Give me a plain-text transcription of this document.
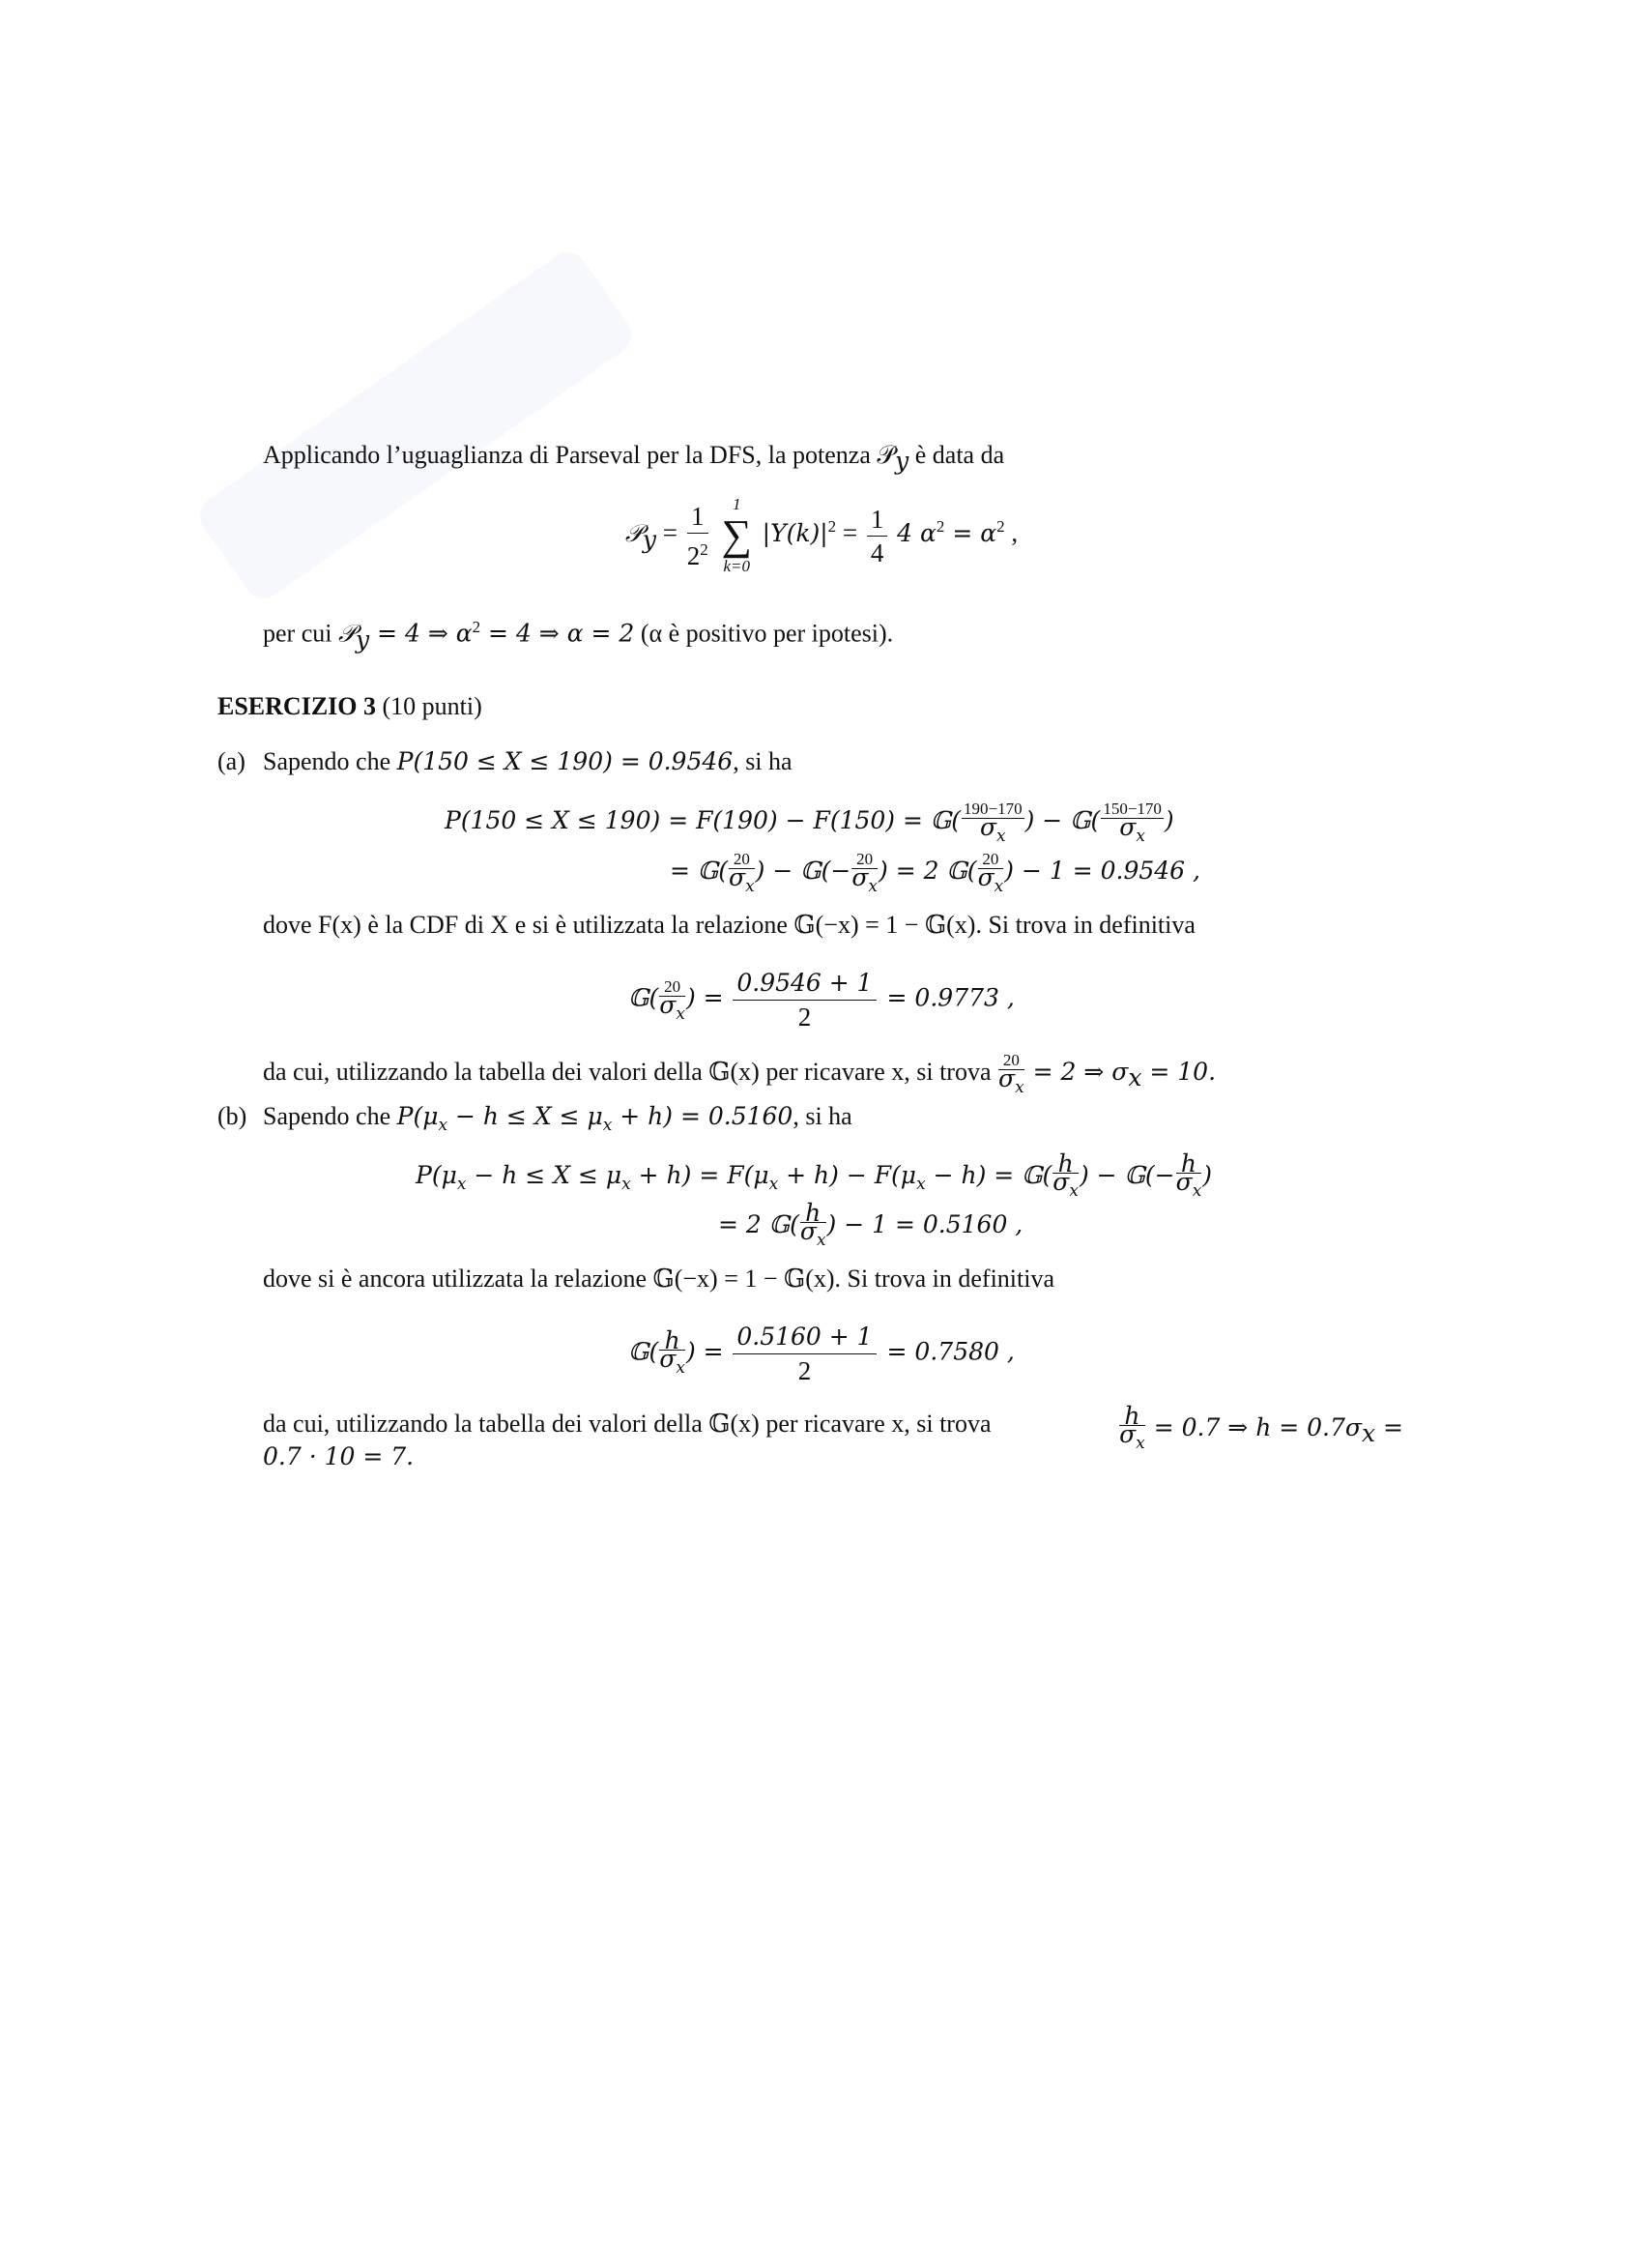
Applicando l’uguaglianza di Parseval per la DFS, la potenza 𝒫$_y$ è data da
𝒫$_y$ = $\frac{1}{2^2}$
	1
∑
k=0
$|Y(k)|^2 = \frac{1}{4} 4$ $\alpha^2 = \alpha^2$ ,
per cui 𝒫$_y$ = 4 ⇒ $\alpha^2 = 4$ ⇒ α = 2 (α è positivo per ipotesi).
ESERCIZIO 3 (10 punti)
(a) Sapendo che P(150 ≤ X ≤ 190) = 0.9546, si ha
P(150 ≤ X ≤ 190) = F(190) − F(150) = 𝔾( $\frac{190-170}{\sigma_x}$ ) − 𝔾( $\frac{150-170}{\sigma_x}$ )
= 𝔾( $\frac{20}{\sigma_x}$ ) − 𝔾(− $\frac{20}{\sigma_x}$ ) = 2 𝔾( $\frac{20}{\sigma_x}$ ) − 1 = 0.9546 ,
dove F(x) è la CDF di X e si è utilizzata la relazione 𝔾(−x) = 1 − 𝔾(x). Si trova in definitiva
𝔾( $\frac{20}{\sigma_x}$ ) = $\frac{0.9546 + 1}{2} = 0.9773$ ,
da cui, utilizzando la tabella dei valori della 𝔾(x) per ricavare x, si trova $\frac{20}{\sigma_x} = 2$ ⇒ $\sigma_x = 10$.
(b) Sapendo che $P(\mu_x - h \le X \le \mu_x + h) = 0.5160$, si ha
$P(\mu_x - h \le X \le \mu_x + h) = F(\mu_x + h) - F(\mu_x - h)$ = 𝔾( $\frac{h}{\sigma_x}$ ) − 𝔾(− $\frac{h}{\sigma_x}$ )
= 2 𝔾( $\frac{h}{\sigma_x}$ ) − 1 = 0.5160 ,
dove si è ancora utilizzata la relazione 𝔾(−x) = 1 − 𝔾(x). Si trova in definitiva
𝔾( $\frac{h}{\sigma_x}$ ) = $\frac{0.5160 + 1}{2} = 0.7580$ ,
da cui, utilizzando la tabella dei valori della 𝔾(x) per ricavare x, si trova	$\frac{h}{\sigma_x} = 0.7$ ⇒ $h = 0.7\sigma_x$ =
0.7 · 10 = 7.
